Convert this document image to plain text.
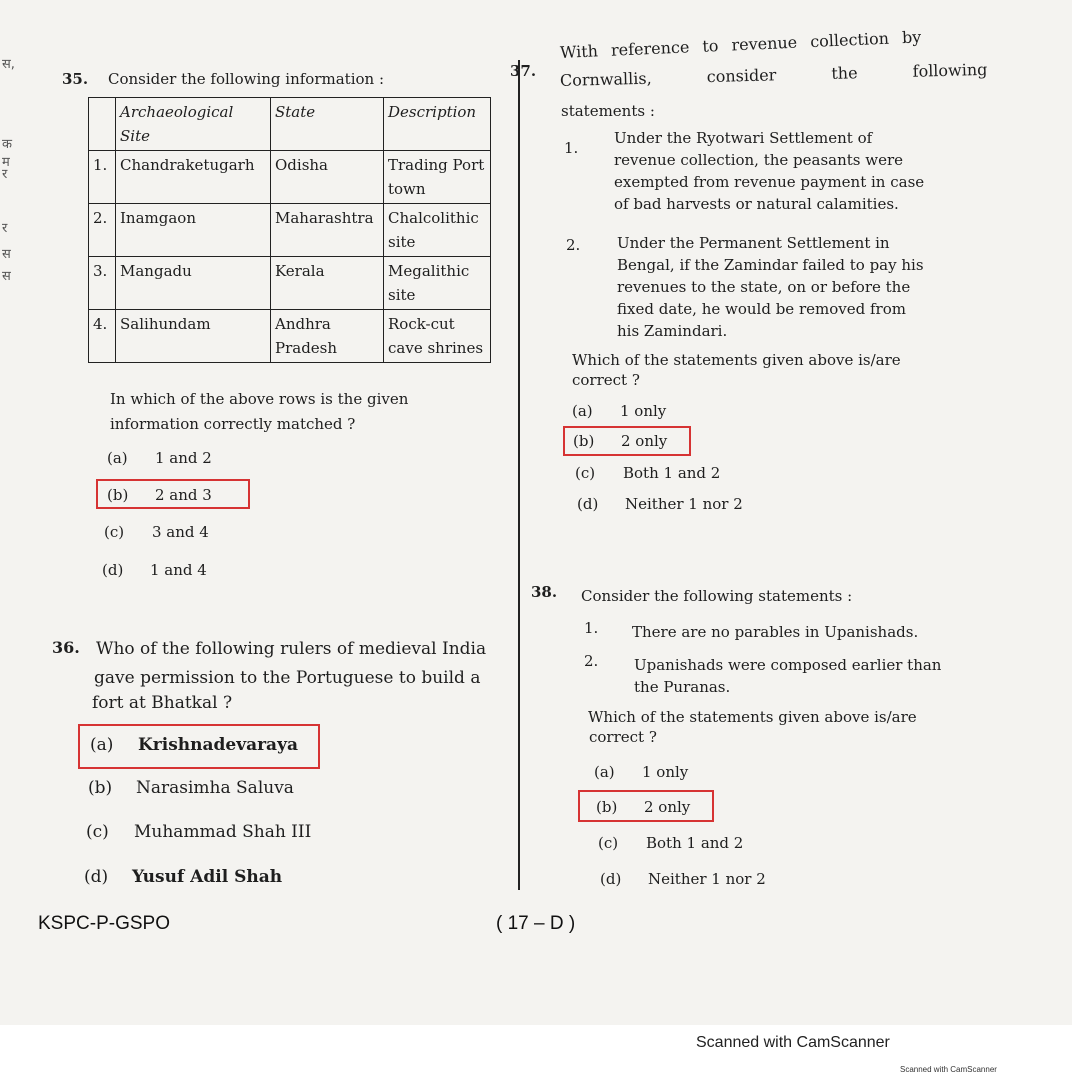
स,
क म
र
र
स
स
35. Consider the following information :
	Archaeological Site	State	Description
1.	Chandraketugarh	Odisha	Trading Port town
2.	Inamgaon	Maharashtra	Chalcolithic site
3.	Mangadu	Kerala	Megalithic site
4.	Salihundam	Andhra Pradesh	Rock-cut cave shrines
In which of the above rows is the given
information correctly matched ?
(a) 1 and 2
(b) 2 and 3
(c) 3 and 4
(d) 1 and 4
36. Who of the following rulers of medieval India
gave permission to the Portuguese to build a
fort at Bhatkal ?
(a) Krishnadevaraya
(b) Narasimha Saluva
(c) Muhammad Shah III
(d) Yusuf Adil Shah
37.
With reference to revenue collection by
Cornwallis, consider the following
statements :
1.
Under the Ryotwari Settlement of
revenue collection, the peasants were
exempted from revenue payment in case
of bad harvests or natural calamities.
2. Under the Permanent Settlement in
Bengal, if the Zamindar failed to pay his
revenues to the state, on or before the
fixed date, he would be removed from
his Zamindari.
Which of the statements given above is/are
correct ?
(a) 1 only
(b) 2 only
(c) Both 1 and 2
(d) Neither 1 nor 2
38. Consider the following statements :
1. There are no parables in Upanishads.
2. Upanishads were composed earlier than
the Puranas.
Which of the statements given above is/are
correct ?
(a) 1 only
(b) 2 only
(c) Both 1 and 2
(d) Neither 1 nor 2
KSPC-P-GSPO	( 17 – D )
Scanned with CamScanner
Scanned with CamScanner
